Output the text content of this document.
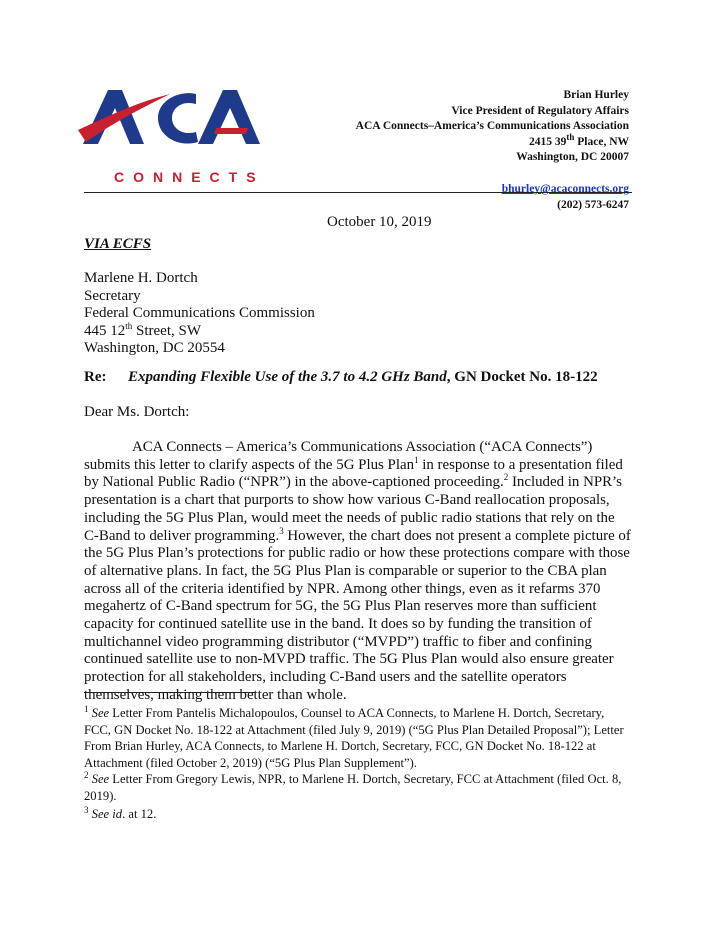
CONNECTS
Brian Hurley
Vice President of Regulatory Affairs
ACA Connects–America’s Communications Association
2415 39th Place, NW
Washington, DC 20007
bhurley@acaconnects.org
(202) 573-6247
October 10, 2019
VIA ECFS
Marlene H. Dortch
Secretary
Federal Communications Commission
445 12th Street, SW
Washington, DC 20554
Re: Expanding Flexible Use of the 3.7 to 4.2 GHz Band, GN Docket No. 18-122
Dear Ms. Dortch:
ACA Connects – America’s Communications Association (“ACA Connects”) submits this letter to clarify aspects of the 5G Plus Plan$^1$ in response to a presentation filed by National Public Radio (“NPR”) in the above-captioned proceeding.$^2$ Included in NPR’s presentation is a chart that purports to show how various C-Band reallocation proposals, including the 5G Plus Plan, would meet the needs of public radio stations that rely on the C-Band to deliver programming.$^3$ However, the chart does not present a complete picture of the 5G Plus Plan’s protections for public radio or how these protections compare with those of alternative plans. In fact, the 5G Plus Plan is comparable or superior to the CBA plan across all of the criteria identified by NPR. Among other things, even as it refarms 370 megahertz of C-Band spectrum for 5G, the 5G Plus Plan reserves more than sufficient capacity for continued satellite use in the band. It does so by funding the transition of multichannel video programming distributor (“MVPD”) traffic to fiber and confining continued satellite use to non-MVPD traffic. The 5G Plus Plan would also ensure greater protection for all stakeholders, including C-Band users and the satellite operators themselves, making them better than whole.
$^1$ See Letter From Pantelis Michalopoulos, Counsel to ACA Connects, to Marlene H. Dortch, Secretary, FCC, GN Docket No. 18-122 at Attachment (filed July 9, 2019) (“5G Plus Plan Detailed Proposal”); Letter From Brian Hurley, ACA Connects, to Marlene H. Dortch, Secretary, FCC, GN Docket No. 18-122 at Attachment (filed October 2, 2019) (“5G Plus Plan Supplement”).
$^2$ See Letter From Gregory Lewis, NPR, to Marlene H. Dortch, Secretary, FCC at Attachment (filed Oct. 8, 2019).
$^3$ See id. at 12.
